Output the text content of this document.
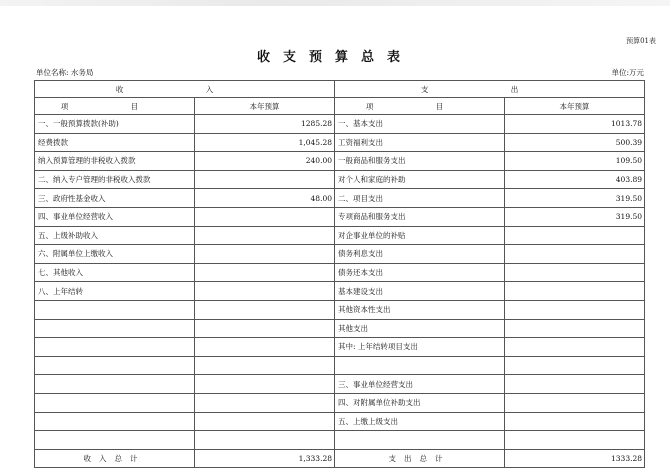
预算01表
收支预算总表
单位名称: 水务局	单位:万元
收 入		支 出	
项 目	本年预算	项 目	本年预算
一、一般预算拨款(补助)	1285.28	一、基本支出	1013.78
经费拨款	1,045.28	工资福利支出	500.39
纳入预算管理的非税收入拨款	240.00	一般商品和服务支出	109.50
二、纳入专户管理的非税收入拨款		对个人和家庭的补助	403.89
三、政府性基金收入	48.00	二、项目支出	319.50
四、事业单位经营收入		专项商品和服务支出	319.50
五、上级补助收入		对企事业单位的补贴	
六、附属单位上缴收入		债务利息支出	
七、其他收入		债务还本支出	
八、上年结转		基本建设支出	
		其他资本性支出	
		其他支出	
		其中: 上年结转项目支出	

		三、事业单位经营支出	
		四、对附属单位补助支出	
		五、上缴上级支出	

收入总计	1,333.28	支出总计	1333.28
